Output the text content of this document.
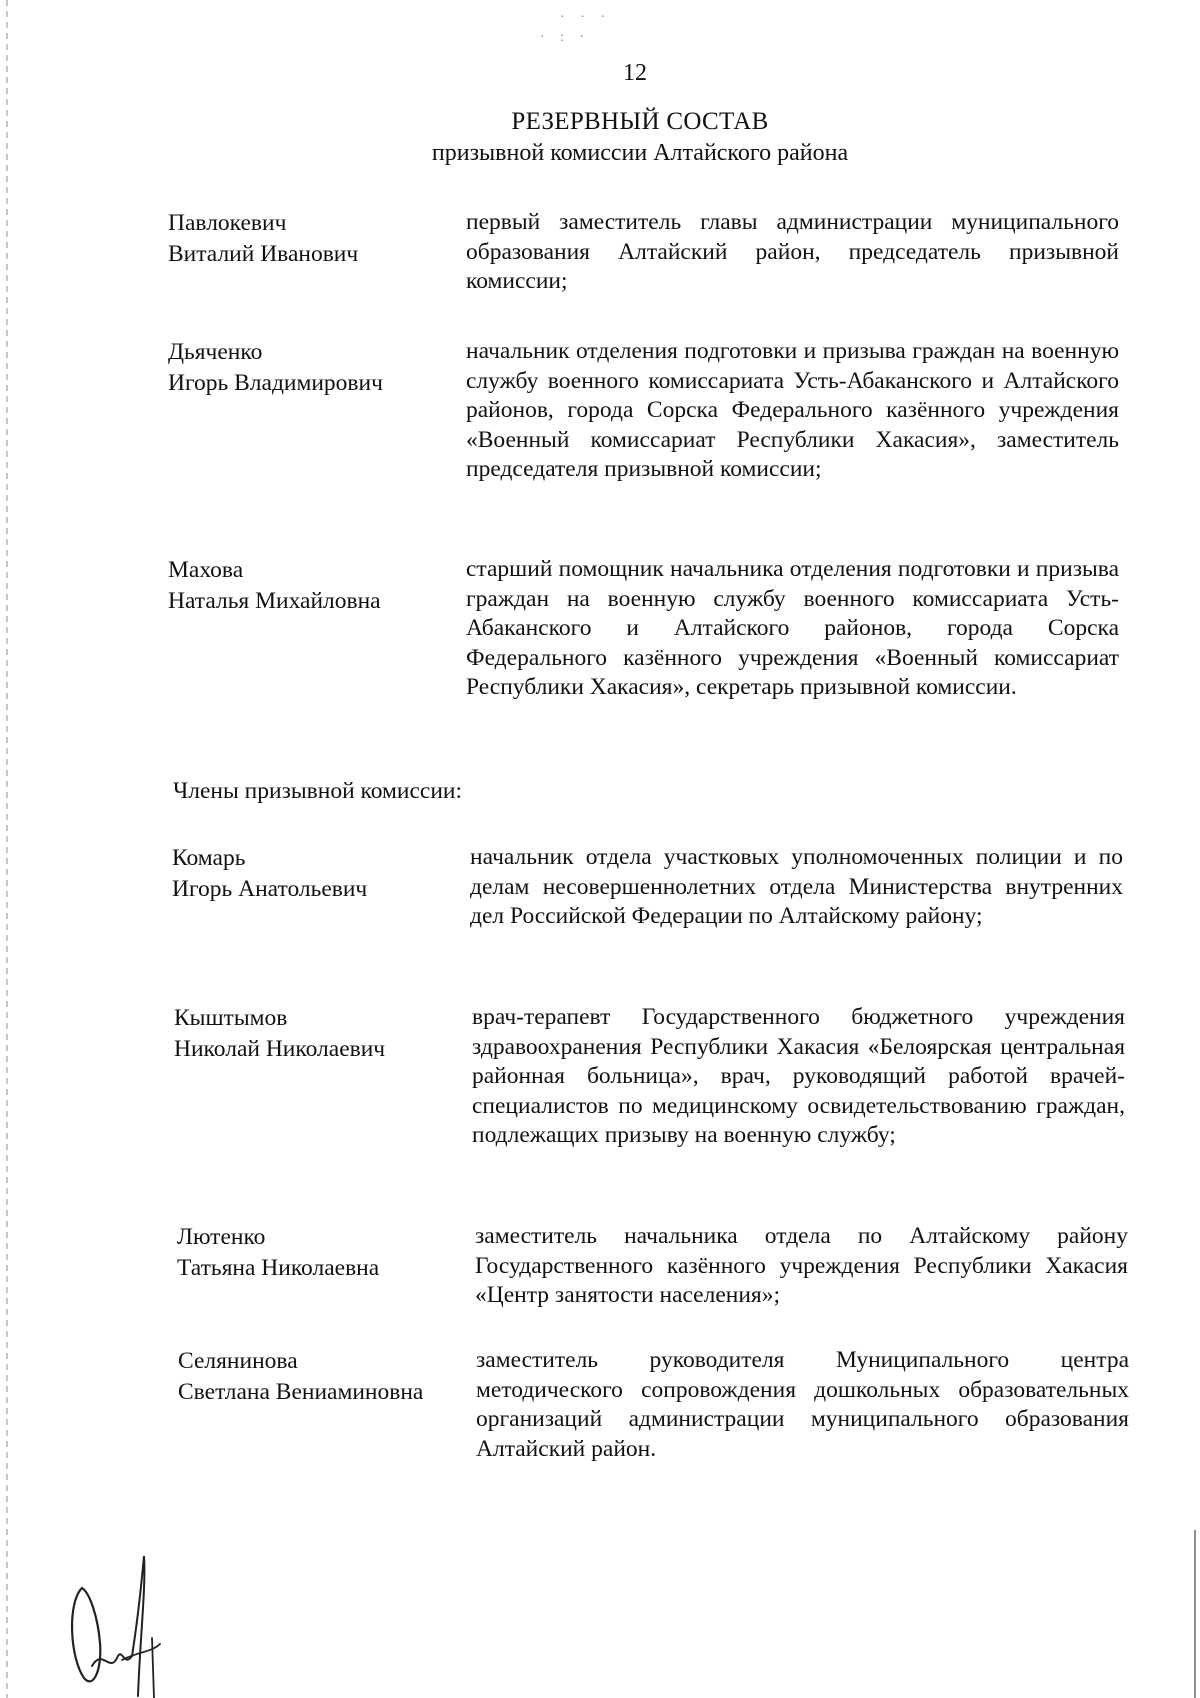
· · ·
· : ·
12
РЕЗЕРВНЫЙ СОСТАВ
призывной комиссии Алтайского района
Павлокевич
Виталий Иванович
первый заместитель главы администрации муниципального образования Алтайский район, председатель призывной комиссии;
Дьяченко
Игорь Владимирович
начальник отделения подготовки и призыва граждан на военную службу военного комиссариата Усть-Абаканского и Алтайского районов, города Сорска Федерального казённого учреждения «Военный комиссариат Республики Хакасия», заместитель председателя призывной комиссии;
Махова
Наталья Михайловна
старший помощник начальника отделения подготовки и призыва граждан на военную службу военного комиссариата Усть-Абаканского и Алтайского районов, города Сорска Федерального казённого учреждения «Военный комиссариат Республики Хакасия», секретарь призывной комиссии.
Члены призывной комиссии:
Комарь
Игорь Анатольевич
начальник отдела участковых уполномоченных полиции и по делам несовершеннолетних отдела Министерства внутренних дел Российской Федерации по Алтайскому району;
Кыштымов
Николай Николаевич
врач-терапевт Государственного бюджетного учреждения здравоохранения Республики Хакасия «Белоярская центральная районная больница», врач, руководящий работой врачей-специалистов по медицинскому освидетельствованию граждан, подлежащих призыву на военную службу;
Лютенко
Татьяна Николаевна
заместитель начальника отдела по Алтайскому району Государственного казённого учреждения Республики Хакасия «Центр занятости населения»;
Селянинова
Светлана Вениаминовна
заместитель руководителя Муниципального центра методического сопровождения дошкольных образовательных организаций администрации муниципального образования Алтайский район.
